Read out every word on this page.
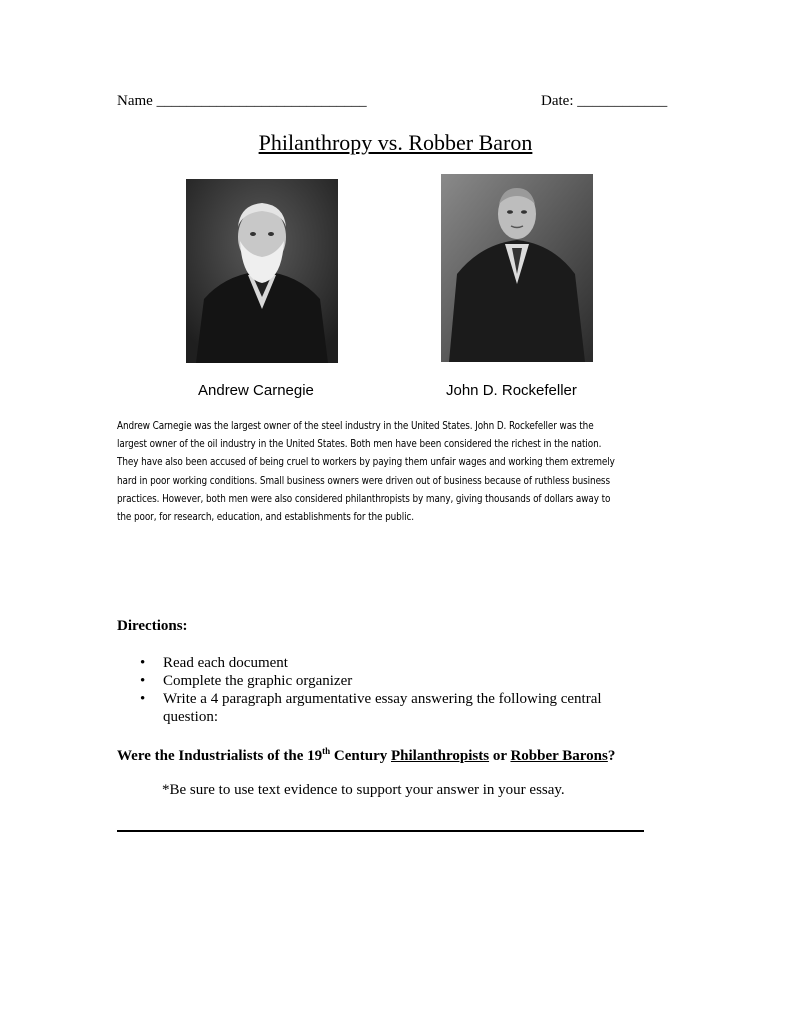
Name ____________________________	Date: ____________
Philanthropy vs. Robber Baron
Andrew Carnegie	John D. Rockefeller
Andrew Carnegie was the largest owner of the steel industry in the United States. John D. Rockefeller was the
largest owner of the oil industry in the United States. Both men have been considered the richest in the nation.
They have also been accused of being cruel to workers by paying them unfair wages and working them extremely
hard in poor working conditions. Small business owners were driven out of business because of ruthless business
practices. However, both men were also considered philanthropists by many, giving thousands of dollars away to
the poor, for research, education, and establishments for the public.
Directions:
• Read each document
• Complete the graphic organizer
• Write a 4 paragraph argumentative essay answering the following central question:
Were the Industrialists of the 19th Century Philanthropists or Robber Barons?
*Be sure to use text evidence to support your answer in your essay.
